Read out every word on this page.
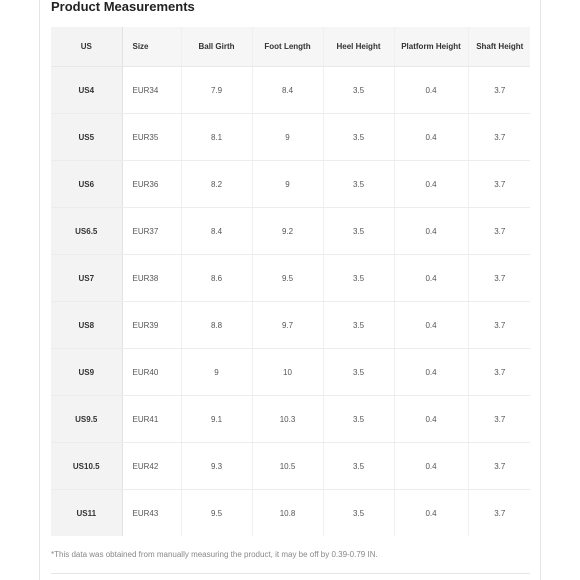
Product Measurements
US	Size	Ball Girth	Foot Length	Heel Height	Platform Height	Shaft Height
US4	EUR34	7.9	8.4	3.5	0.4	3.7
US5	EUR35	8.1	9	3.5	0.4	3.7
US6	EUR36	8.2	9	3.5	0.4	3.7
US6.5	EUR37	8.4	9.2	3.5	0.4	3.7
US7	EUR38	8.6	9.5	3.5	0.4	3.7
US8	EUR39	8.8	9.7	3.5	0.4	3.7
US9	EUR40	9	10	3.5	0.4	3.7
US9.5	EUR41	9.1	10.3	3.5	0.4	3.7
US10.5	EUR42	9.3	10.5	3.5	0.4	3.7
US11	EUR43	9.5	10.8	3.5	0.4	3.7
*This data was obtained from manually measuring the product, it may be off by 0.39-0.79 IN.
